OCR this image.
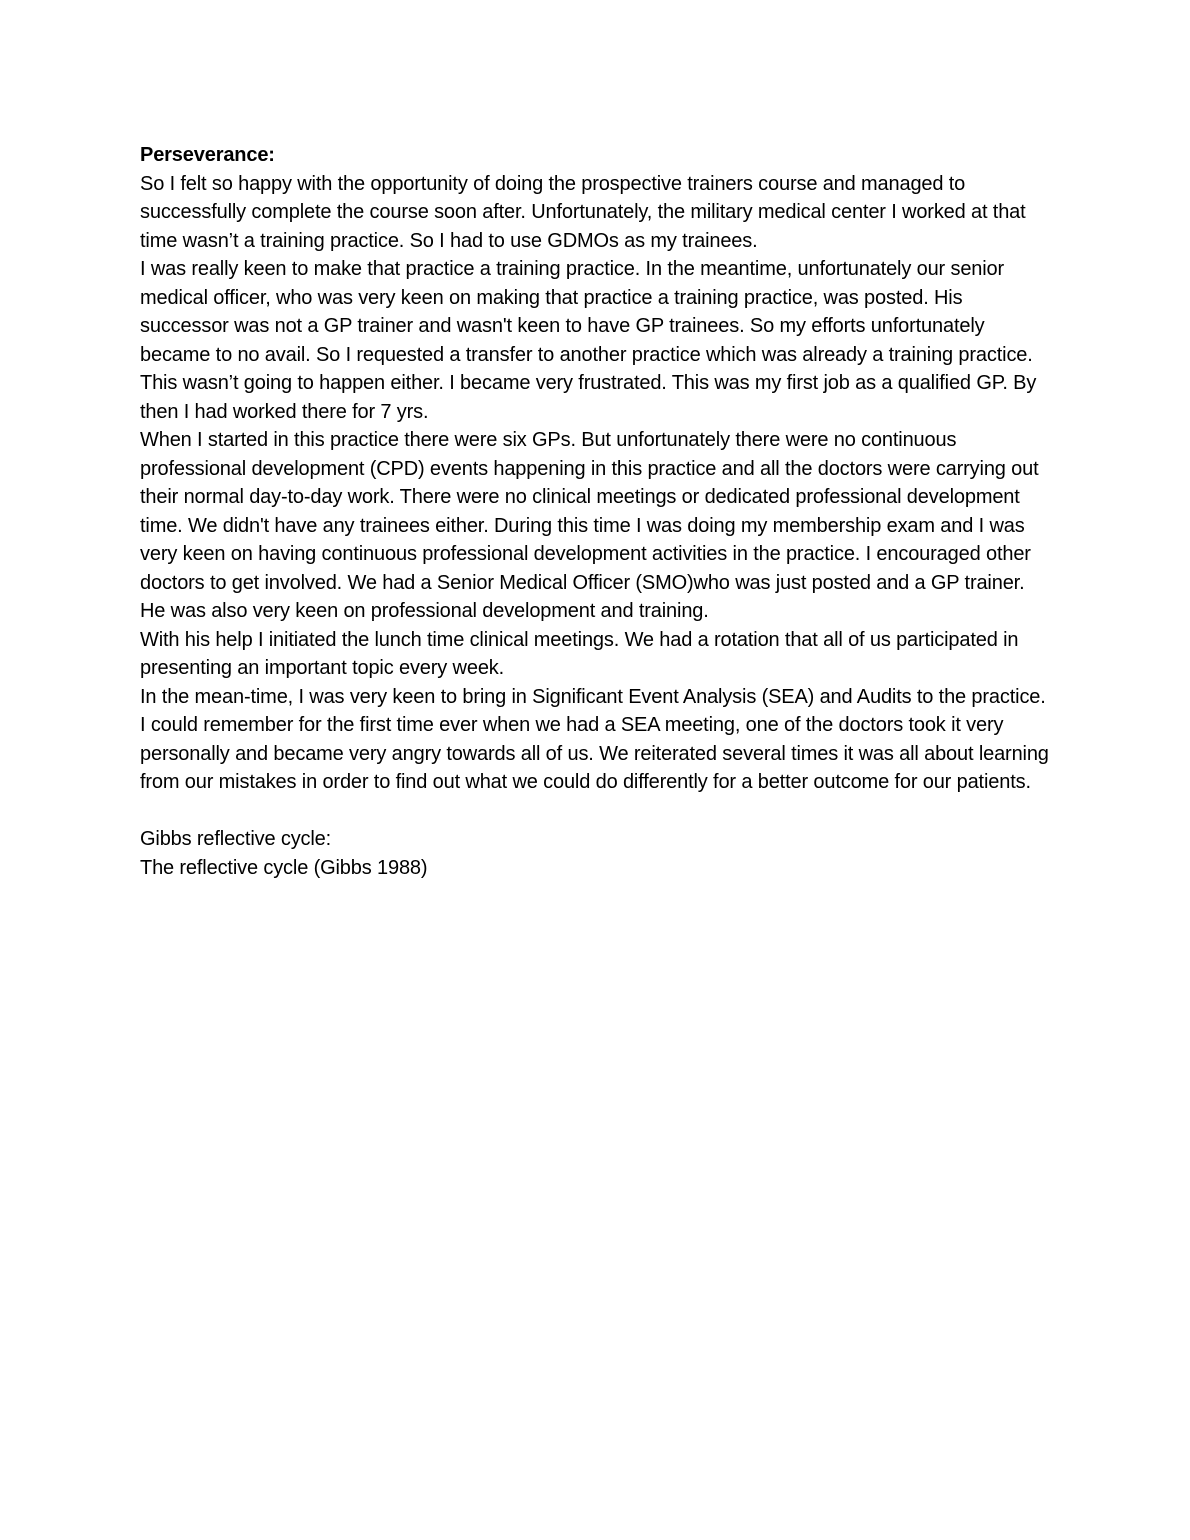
Perseverance:

So I felt so happy with the opportunity of doing the prospective trainers course and managed to successfully complete the course soon after. Unfortunately, the military medical center I worked at that time wasn’t a training practice. So I had to use GDMOs as my trainees.

I was really keen to make that practice a training practice. In the meantime, unfortunately our senior medical officer, who was very keen on making that practice a training practice, was posted. His successor was not a GP trainer and wasn't keen to have GP trainees. So my efforts unfortunately became to no avail. So I requested a transfer to another practice which was already a training practice. This wasn’t going to happen either. I became very frustrated. This was my first job as a qualified GP. By then I had worked there for 7 yrs.

When I started in this practice there were six GPs. But unfortunately there were no continuous professional development (CPD) events happening in this practice and all the doctors were carrying out their normal day-to-day work. There were no clinical meetings or dedicated professional development time. We didn't have any trainees either. During this time I was doing my membership exam and I was very keen on having continuous professional development activities in the practice. I encouraged other doctors to get involved. We had a Senior Medical Officer (SMO)who was just posted and a GP trainer. He was also very keen on professional development and training.

With his help I initiated the lunch time clinical meetings. We had a rotation that all of us participated in presenting an important topic every week.

In the mean-time, I was very keen to bring in Significant Event Analysis (SEA) and Audits to the practice. I could remember for the first time ever when we had a SEA meeting, one of the doctors took it very personally and became very angry towards all of us. We reiterated several times it was all about learning from our mistakes in order to find out what we could do differently for a better outcome for our patients.

Gibbs reflective cycle:

The reflective cycle (Gibbs 1988)
